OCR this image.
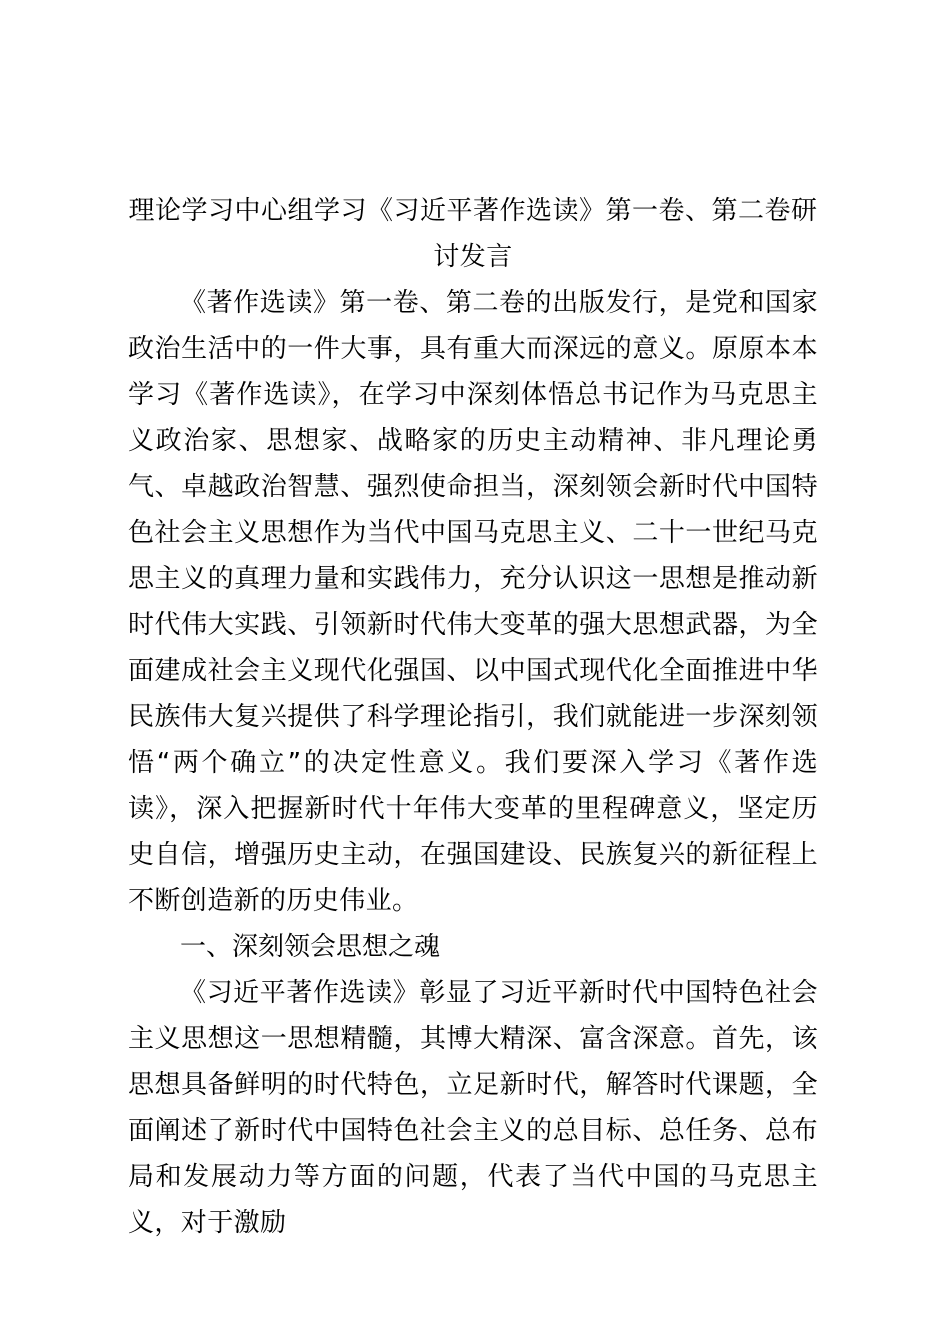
理论学习中心组学习《习近平著作选读》第一卷、第二卷研讨发言

《著作选读》第一卷、第二卷的出版发行，是党和国家政治生活中的一件大事，具有重大而深远的意义。原原本本学习《著作选读》，在学习中深刻体悟总书记作为马克思主义政治家、思想家、战略家的历史主动精神、非凡理论勇气、卓越政治智慧、强烈使命担当，深刻领会新时代中国特色社会主义思想作为当代中国马克思主义、二十一世纪马克思主义的真理力量和实践伟力，充分认识这一思想是推动新时代伟大实践、引领新时代伟大变革的强大思想武器，为全面建成社会主义现代化强国、以中国式现代化全面推进中华民族伟大复兴提供了科学理论指引，我们就能进一步深刻领悟“两个确立”的决定性意义。我们要深入学习《著作选读》，深入把握新时代十年伟大变革的里程碑意义，坚定历史自信，增强历史主动，在强国建设、民族复兴的新征程上不断创造新的历史伟业。

一、深刻领会思想之魂

《习近平著作选读》彰显了习近平新时代中国特色社会主义思想这一思想精髓，其博大精深、富含深意。首先，该思想具备鲜明的时代特色，立足新时代，解答时代课题，全面阐述了新时代中国特色社会主义的总目标、总任务、总布局和发展动力等方面的问题，代表了当代中国的马克思主义，对于激励
